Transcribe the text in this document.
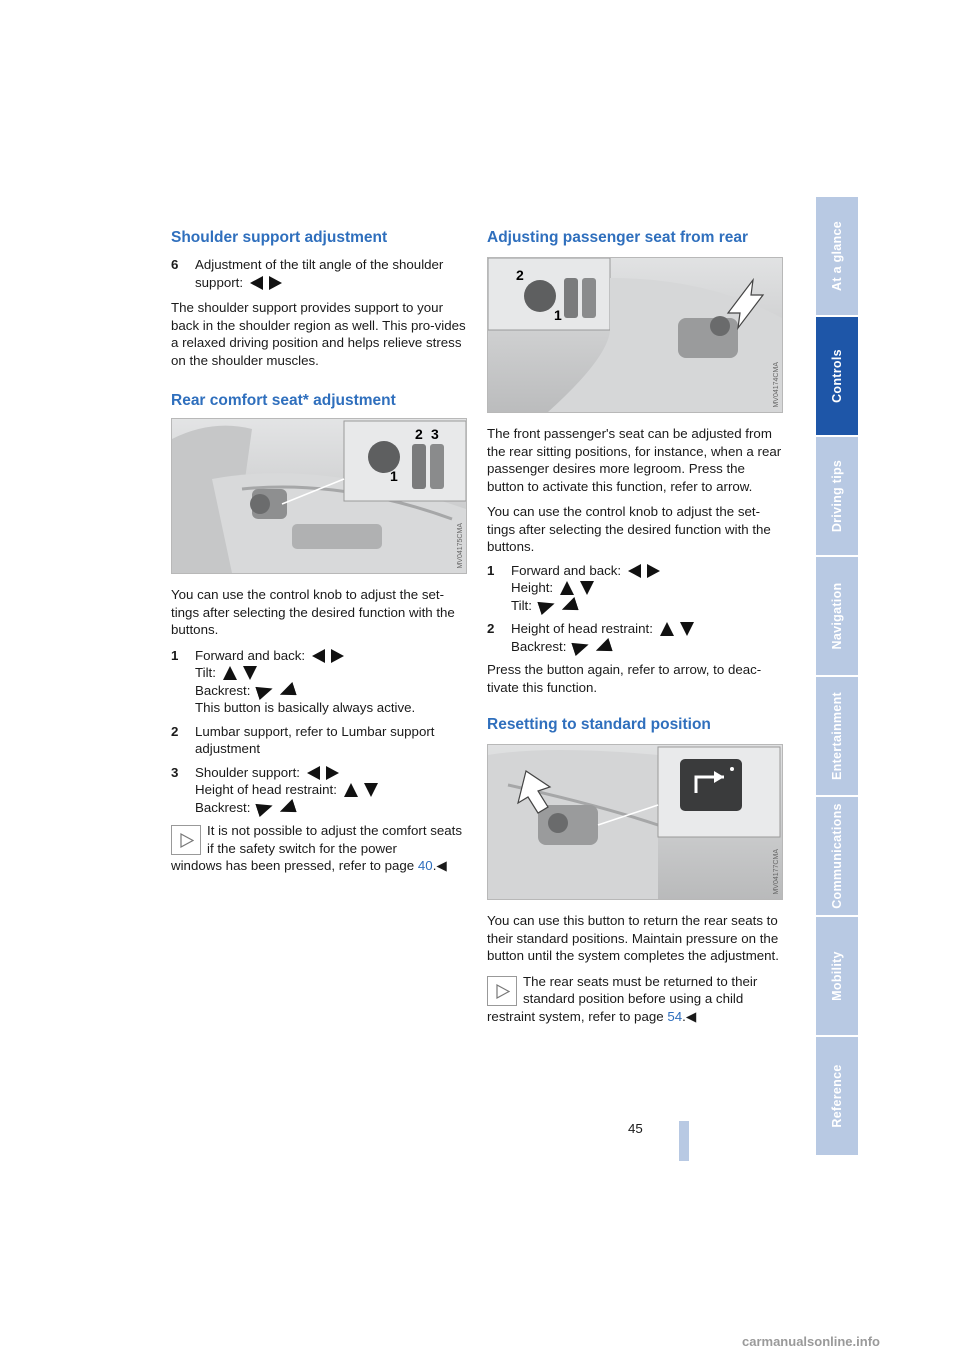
Shoulder support adjustment
6 Adjustment of the tilt angle of the shoulder
support:

The shoulder support provides support to your back in the shoulder region as well. This pro-vides a relaxed driving position and helps relieve stress on the shoulder muscles.

Rear comfort seat* adjustment
2 3
1
MV04175CMA

You can use the control knob to adjust the set-tings after selecting the desired function with the buttons.

1 Forward and back:
Tilt:
Backrest:
This button is basically always active.
2 Lumbar support, refer to Lumbar support adjustment
3 Shoulder support:
Height of head restraint:
Backrest:
It is not possible to adjust the comfort seats if the safety switch for the power
windows has been pressed, refer to page 40.◀
Adjusting passenger seat from rear
2
1
MV04174CMA

The front passenger's seat can be adjusted from the rear sitting positions, for instance, when a rear passenger desires more legroom. Press the button to activate this function, refer to arrow.

You can use the control knob to adjust the set-tings after selecting the desired function with the buttons.

1 Forward and back:
Height:
Tilt:
2 Height of head restraint:
Backrest:

Press the button again, refer to arrow, to deac-tivate this function.

Resetting to standard position
MV04177CMA

You can use this button to return the rear seats to their standard positions. Maintain pressure on the button until the system completes the adjustment.

The rear seats must be returned to their standard position before using a child
restraint system, refer to page 54.◀
At a glance
Controls
Driving tips
Navigation
Entertainment
Communications
Mobility
Reference
45
carmanualsonline.info
